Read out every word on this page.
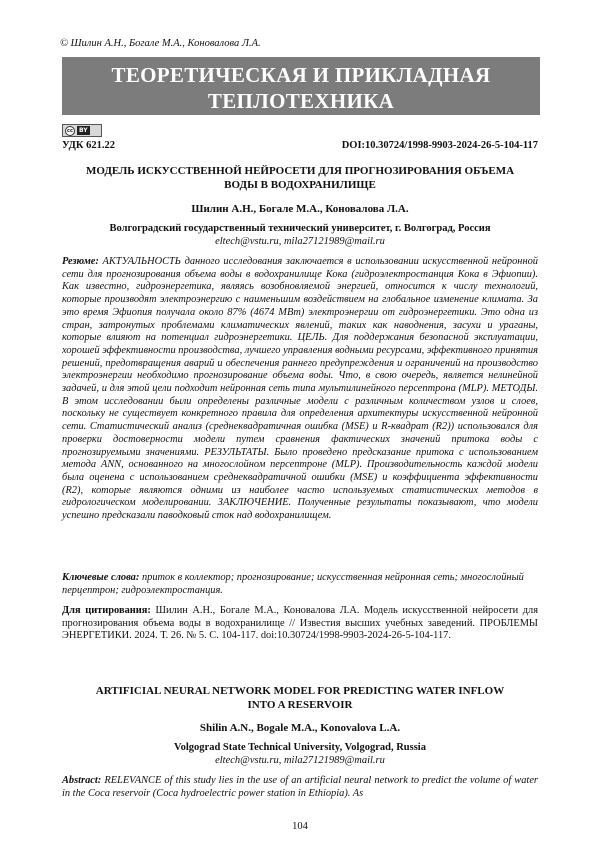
© Шилин А.Н., Богале М.А., Коновалова Л.А.
ТЕОРЕТИЧЕСКАЯ И ПРИКЛАДНАЯ
ТЕПЛОТЕХНИКА
cc	BY
УДК 621.22	DOI:10.30724/1998-9903-2024-26-5-104-117
МОДЕЛЬ ИСКУССТВЕННОЙ НЕЙРОСЕТИ ДЛЯ ПРОГНОЗИРОВАНИЯ ОБЪЕМА
ВОДЫ В ВОДОХРАНИЛИЩЕ
Шилин А.Н., Богале М.А., Коновалова Л.А.
Волгоградский государственный технический университет, г. Волгоград, Россия
eltech@vstu.ru, mila27121989@mail.ru
Резюме: АКТУАЛЬНОСТЬ данного исследования заключается в использовании искусственной нейронной сети для прогнозирования объема воды в водохранилище Кока (гидроэлектростанция Кока в Эфиопии). Как известно, гидроэнергетика, являясь возобновляемой энергией, относится к числу технологий, которые производят электроэнергию с наименьшим воздействием на глобальное изменение климата. За это время Эфиопия получала около 87% (4674 МВт) электроэнергии от гидроэнергетики. Это одна из стран, затронутых проблемами климатических явлений, таких как наводнения, засухи и ураганы, которые влияют на потенциал гидроэнергетики. ЦЕЛЬ. Для поддержания безопасной эксплуатации, хорошей эффективности производства, лучшего управления водными ресурсами, эффективного принятия решений, предотвращения аварий и обеспечения раннего предупреждения и ограничений на производство электроэнергии необходимо прогнозирование объема воды. Что, в свою очередь, является нелинейной задачей, и для этой цели подходит нейронная сеть типа мультилинейного персептрона (MLP). МЕТОДЫ. В этом исследовании были определены различные модели с различным количеством узлов и слоев, поскольку не существует конкретного правила для определения архитектуры искусственной нейронной сети. Статистический анализ (среднеквадратичная ошибка (MSE) и R-квадрат (R2)) использовался для проверки достоверности модели путем сравнения фактических значений притока воды с прогнозируемыми значениями. РЕЗУЛЬТАТЫ. Было проведено предсказание притока с использованием метода ANN, основанного на многослойном персептроне (MLP). Производительность каждой модели была оценена с использованием среднеквадратичной ошибки (MSE) и коэффициента эффективности (R2), которые являются одними из наиболее часто используемых статистических методов в гидрологическом моделировании. ЗАКЛЮЧЕНИЕ. Полученные результаты показывают, что модели успешно предсказали паводковый сток над водохранилищем.
Ключевые слова: приток в коллектор; прогнозирование; искусственная нейронная сеть; многослойный перцептрон; гидроэлектростанция.
Для цитирования: Шилин А.Н., Богале М.А., Коновалова Л.А. Модель искусственной нейросети для прогнозирования объема воды в водохранилище // Известия высших учебных заведений. ПРОБЛЕМЫ ЭНЕРГЕТИКИ. 2024. Т. 26. № 5. С. 104-117. doi:10.30724/1998-9903-2024-26-5-104-117.
ARTIFICIAL NEURAL NETWORK MODEL FOR PREDICTING WATER INFLOW
INTO A RESERVOIR
Shilin A.N., Bogale M.A., Konovalova L.A.
Volgograd State Technical University, Volgograd, Russia
eltech@vstu.ru, mila27121989@mail.ru
Abstract: RELEVANCE of this study lies in the use of an artificial neural network to predict the volume of water in the Coca reservoir (Coca hydroelectric power station in Ethiopia). As
104
